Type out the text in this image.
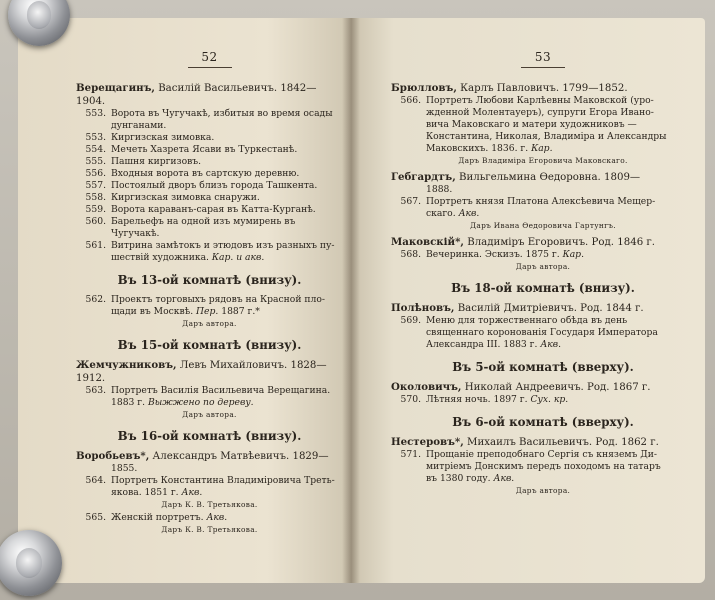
52
Верещагинъ, Василій Васильевичъ. 1842—1904.
553. Ворота въ Чугучакѣ, избитыя во время осады
дунганами.
553. Киргизская зимовка.
554. Мечеть Хазрета Ясави въ Туркестанѣ.
555. Пашня киргизовъ.
556. Входныя ворота въ сартскую деревню.
557. Постоялый дворъ близъ города Ташкента.
558. Киргизская зимовка снаружи.
559. Ворота караванъ-сарая въ Катта-Курганѣ.
560. Барельефъ на одной изъ мумирень въ Чугучакѣ.
561. Витрина замѣтокъ и этюдовъ изъ разныхъ пу-
шествій художника. Кар. и акв.
Въ 13-ой комнатѣ (внизу).
562. Проектъ торговыхъ рядовъ на Красной пло-
щади въ Москвѣ. Пер. 1887 г.*
Даръ автора.
Въ 15-ой комнатѣ (внизу).
Жемчужниковъ, Левъ Михайловичъ. 1828—1912.
563. Портретъ Василія Васильевича Верещагина.
1883 г. Выжжено по дереву.
Даръ автора.
Въ 16-ой комнатѣ (внизу).
Воробьевъ*, Александръ Матвѣевичъ. 1829—
1855.
564. Портретъ Константина Владиміровича Треть-
якова. 1851 г. Акв.
Даръ К. В. Третьякова.
565. Женскій портретъ. Акв.
Даръ К. В. Третьякова.
53
Брюлловъ, Карлъ Павловичъ. 1799—1852.
566. Портретъ Любови Карлѣевны Маковской (уро-
жденной Молентауеръ), супруги Егора Ивано-
вича Маковскаго и матери художниковъ —
Константина, Николая, Владиміра и Александры
Маковскихъ. 1836. г. Кар.
Даръ Владиміра Егоровича Маковскаго.
Гебгардтъ, Вильгельмина Өедоровна. 1809—
1888.
567. Портретъ князя Платона Алексѣевича Мещер-
скаго. Акв.
Даръ Ивана Өедоровича Гартунгъ.
Маковскій*, Владиміръ Егоровичъ. Род. 1846 г.
568. Вечеринка. Эскизъ. 1875 г. Кар.
Даръ автора.
Въ 18-ой комнатѣ (внизу).
Полѣновъ, Василій Дмитріевичъ. Род. 1844 г.
569. Меню для торжественнаго обѣда въ день
священнаго коронованія Государя Императора
Александра III. 1883 г. Акв.
Въ 5-ой комнатѣ (вверху).
Околовичъ, Николай Андреевичъ. Род. 1867 г.
570. Лѣтняя ночь. 1897 г. Сух. кр.
Въ 6-ой комнатѣ (вверху).
Нестеровъ*, Михаилъ Васильевичъ. Род. 1862 г.
571. Прощаніе преподобнаго Сергія съ княземъ Ди-
митріемъ Донскимъ передъ походомъ на татаръ
въ 1380 году. Акв.
Даръ автора.
